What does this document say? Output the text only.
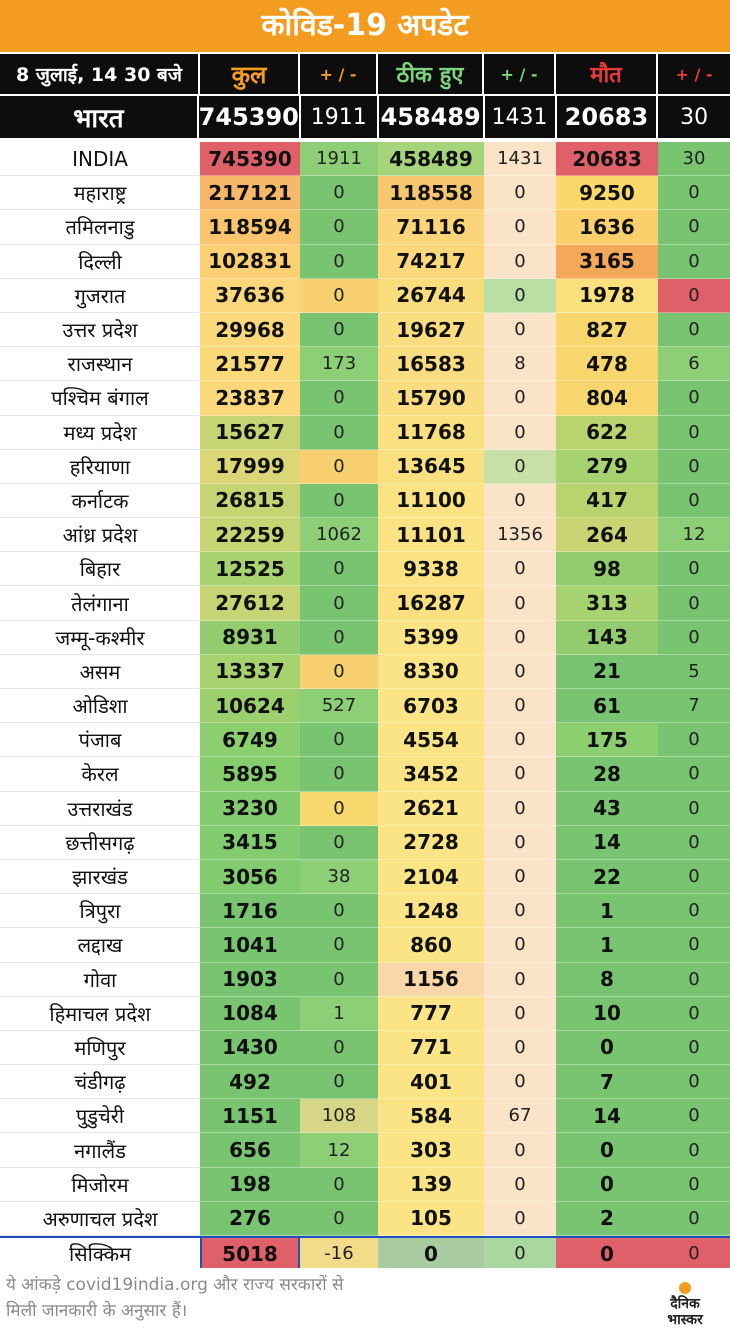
कोविड-19 अपडेट
8 जुलाई, 14 30 बजे	कुल	+ / -	ठीक हुए	+ / -	मौत	+ / -
भारत	745390	1911	458489	1431	20683	30
INDIA	745390	1911	458489	1431	20683	30
महाराष्ट्र	217121	0	118558	0	9250	0
तमिलनाडु	118594	0	71116	0	1636	0
दिल्ली	102831	0	74217	0	3165	0
गुजरात	37636	0	26744	0	1978	0
उत्तर प्रदेश	29968	0	19627	0	827	0
राजस्थान	21577	173	16583	8	478	6
पश्चिम बंगाल	23837	0	15790	0	804	0
मध्य प्रदेश	15627	0	11768	0	622	0
हरियाणा	17999	0	13645	0	279	0
कर्नाटक	26815	0	11100	0	417	0
आंध्र प्रदेश	22259	1062	11101	1356	264	12
बिहार	12525	0	9338	0	98	0
तेलंगाना	27612	0	16287	0	313	0
जम्मू-कश्मीर	8931	0	5399	0	143	0
असम	13337	0	8330	0	21	5
ओडिशा	10624	527	6703	0	61	7
पंजाब	6749	0	4554	0	175	0
केरल	5895	0	3452	0	28	0
उत्तराखंड	3230	0	2621	0	43	0
छत्तीसगढ़	3415	0	2728	0	14	0
झारखंड	3056	38	2104	0	22	0
त्रिपुरा	1716	0	1248	0	1	0
लद्दाख	1041	0	860	0	1	0
गोवा	1903	0	1156	0	8	0
हिमाचल प्रदेश	1084	1	777	0	10	0
मणिपुर	1430	0	771	0	0	0
चंडीगढ़	492	0	401	0	7	0
पुडुचेरी	1151	108	584	67	14	0
नगालैंड	656	12	303	0	0	0
मिजोरम	198	0	139	0	0	0
अरुणाचल प्रदेश	276	0	105	0	2	0
सिक्किम	5018	-16	0	0	0	0
ये आंकड़े covid19india.org और राज्य सरकारों से
मिली जानकारी के अनुसार हैं।	दैनिक
भास्कर
